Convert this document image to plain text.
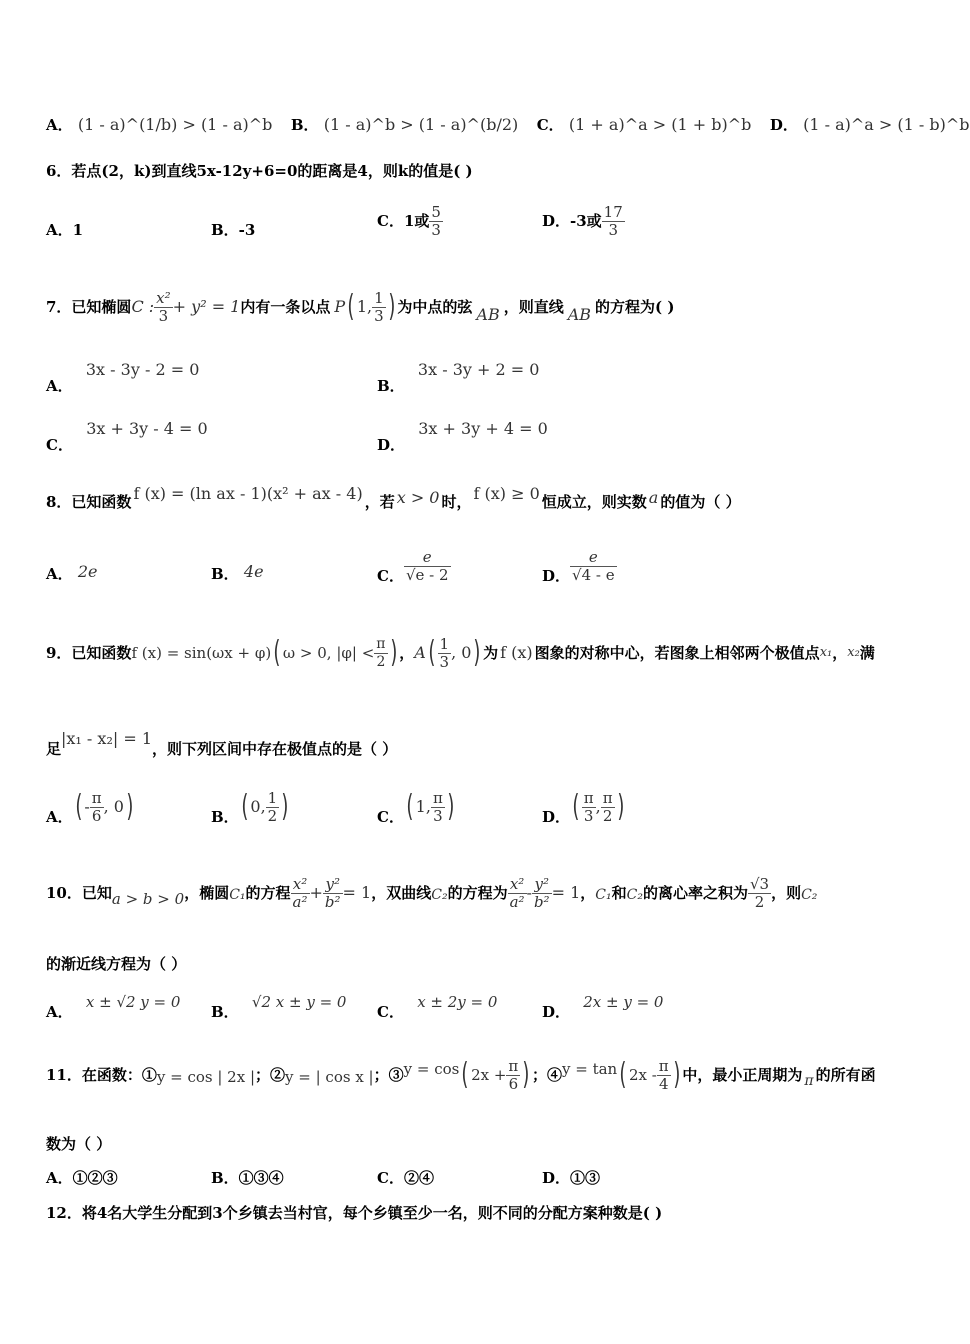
A． (1 - a)^(1/b) > (1 - a)^b B． (1 - a)^b > (1 - a)^(b/2) C． (1 + a)^a > (1 + b)^b D． (1 - a)^a > (1 - b)^b
6．若点(2，k)到直线5x-12y+6=0的距离是4，则k的值是( )
A．1	B．-3	C．1或 $\frac{5}{3}$	D．-3或 $\frac{17}{3}$
7．已知椭圆 C : $\frac{\text{x²}}{3} + y^2 = 1$ 内有一条以点 P ( 1, $\frac{1}{3}$ ) 为中点的弦 AB ，则直线 AB 的方程为( )
A． 3x - 3y - 2 = 0
B． 3x - 3y + 2 = 0
C． 3x + 3y - 4 = 0
D． 3x + 3y + 4 = 0
8．已知函数 f (x) = (ln ax - 1)(x² + ax - 4) ，若 x > 0 时， f (x) ≥ 0 恒成立，则实数 a 的值为（ ）
A． 2e	B． 4e	C． $\frac{e}{√e - 2}$	D． $\frac{e}{√4 - e}$
9．已知函数 f (x) = sin(ωx + φ) ( ω > 0, $|\varphi| < \frac{\pi}{2}$ ) ， A ( $\frac{1}{3}$ , 0 ) 为 f (x) 图象的对称中心，若图象上相邻两个极值点 x₁ ， x₂ 满
足
|x₁ - x₂| = 1
，则下列区间中存在极值点的是（ ）
A． ( - $\frac{\pi}{6}$ , 0 )	B． ( 0, $\frac{1}{2}$ )	C． ( 1, $\frac{\pi}{3}$ )	D． ( $\frac{\pi}{3}$ , $\frac{\pi}{2}$ )
10．已知 a > b > 0 ，椭圆 C₁ 的方程 $\frac{\text{x²}}{\text{a²}} + \frac{\text{y²}}{\text{b²}} = 1$ ，双曲线 C₂ 的方程为 $\frac{\text{x²}}{\text{a²}} - \frac{\text{y²}}{\text{b²}} = 1$ ， C₁ 和 C₂ 的离心率之积为 $\frac{√3}{2}$ ，则 C₂
的渐近线方程为（ ）
A． x ± √2 y = 0
B． √2 x ± y = 0
C． x ± 2y = 0
D． 2x ± y = 0
11．在函数：① y = cos | 2x | ；② y = | cos x | ；③ y = cos ( $2x + \frac{\pi}{6}$ ) ；④ y = tan ( $2x - \frac{\pi}{4}$ ) 中，最小正周期为 π 的所有函
数为（ ）
A．①②③	B．①③④	C．②④	D．①③
12．将4名大学生分配到3个乡镇去当村官，每个乡镇至少一名，则不同的分配方案种数是( )
